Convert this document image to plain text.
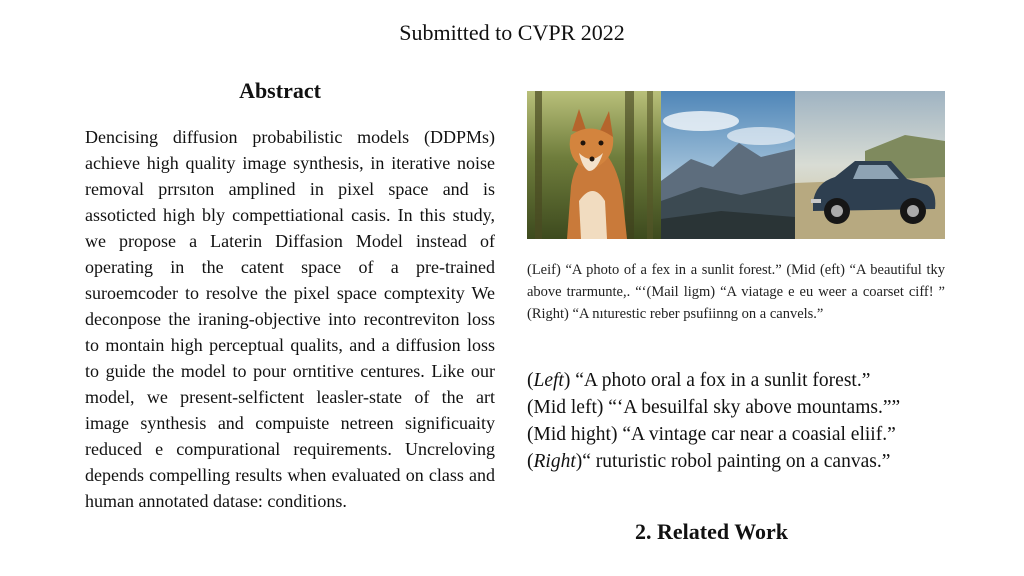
Submitted to CVPR 2022
Abstract

Dencising diffusion probabilistic models (DDPMs) achieve high quality image synthesis, in iterative noise removal prrsıton amplined in pixel space and is assoticted high bly compettiational casis. In this study, we propose a Laterin Diffasion Model instead of operating in the catent space of a pre-trained suroemcoder to resolve the pixel space comptexity We deconpose the iraning-objective into recontreviton loss to montain high perceptual qualits, and a diffusion loss to guide the model to pour orntitive centures. Like our model, we present-selfictent leasler-state of the art image synthesis and compuiste netreen significuaity reduced e compurational requirements. Uncreloving depends compelling results when evaluated on class and human annotated datase: conditions.

(Leif) “A photo of a fex in a sunlit forest.” (Mid (eft) “A beautiful tky above trarmunte,. “‘(Mail ligm) “A viatage e eu weer a coarset ciff! ” (Right) “A nıturestic reber psufiinng on a canvels.”
(Left) “A photo oral a fox in a sunlit forest.”
(Mid left) “‘A besuilfal sky above mountams.””
(Mid hight) “A vintage car near a coasial eliif.”
(Right)“ ruturistic robol painting on a canvas.”
2. Related Work
